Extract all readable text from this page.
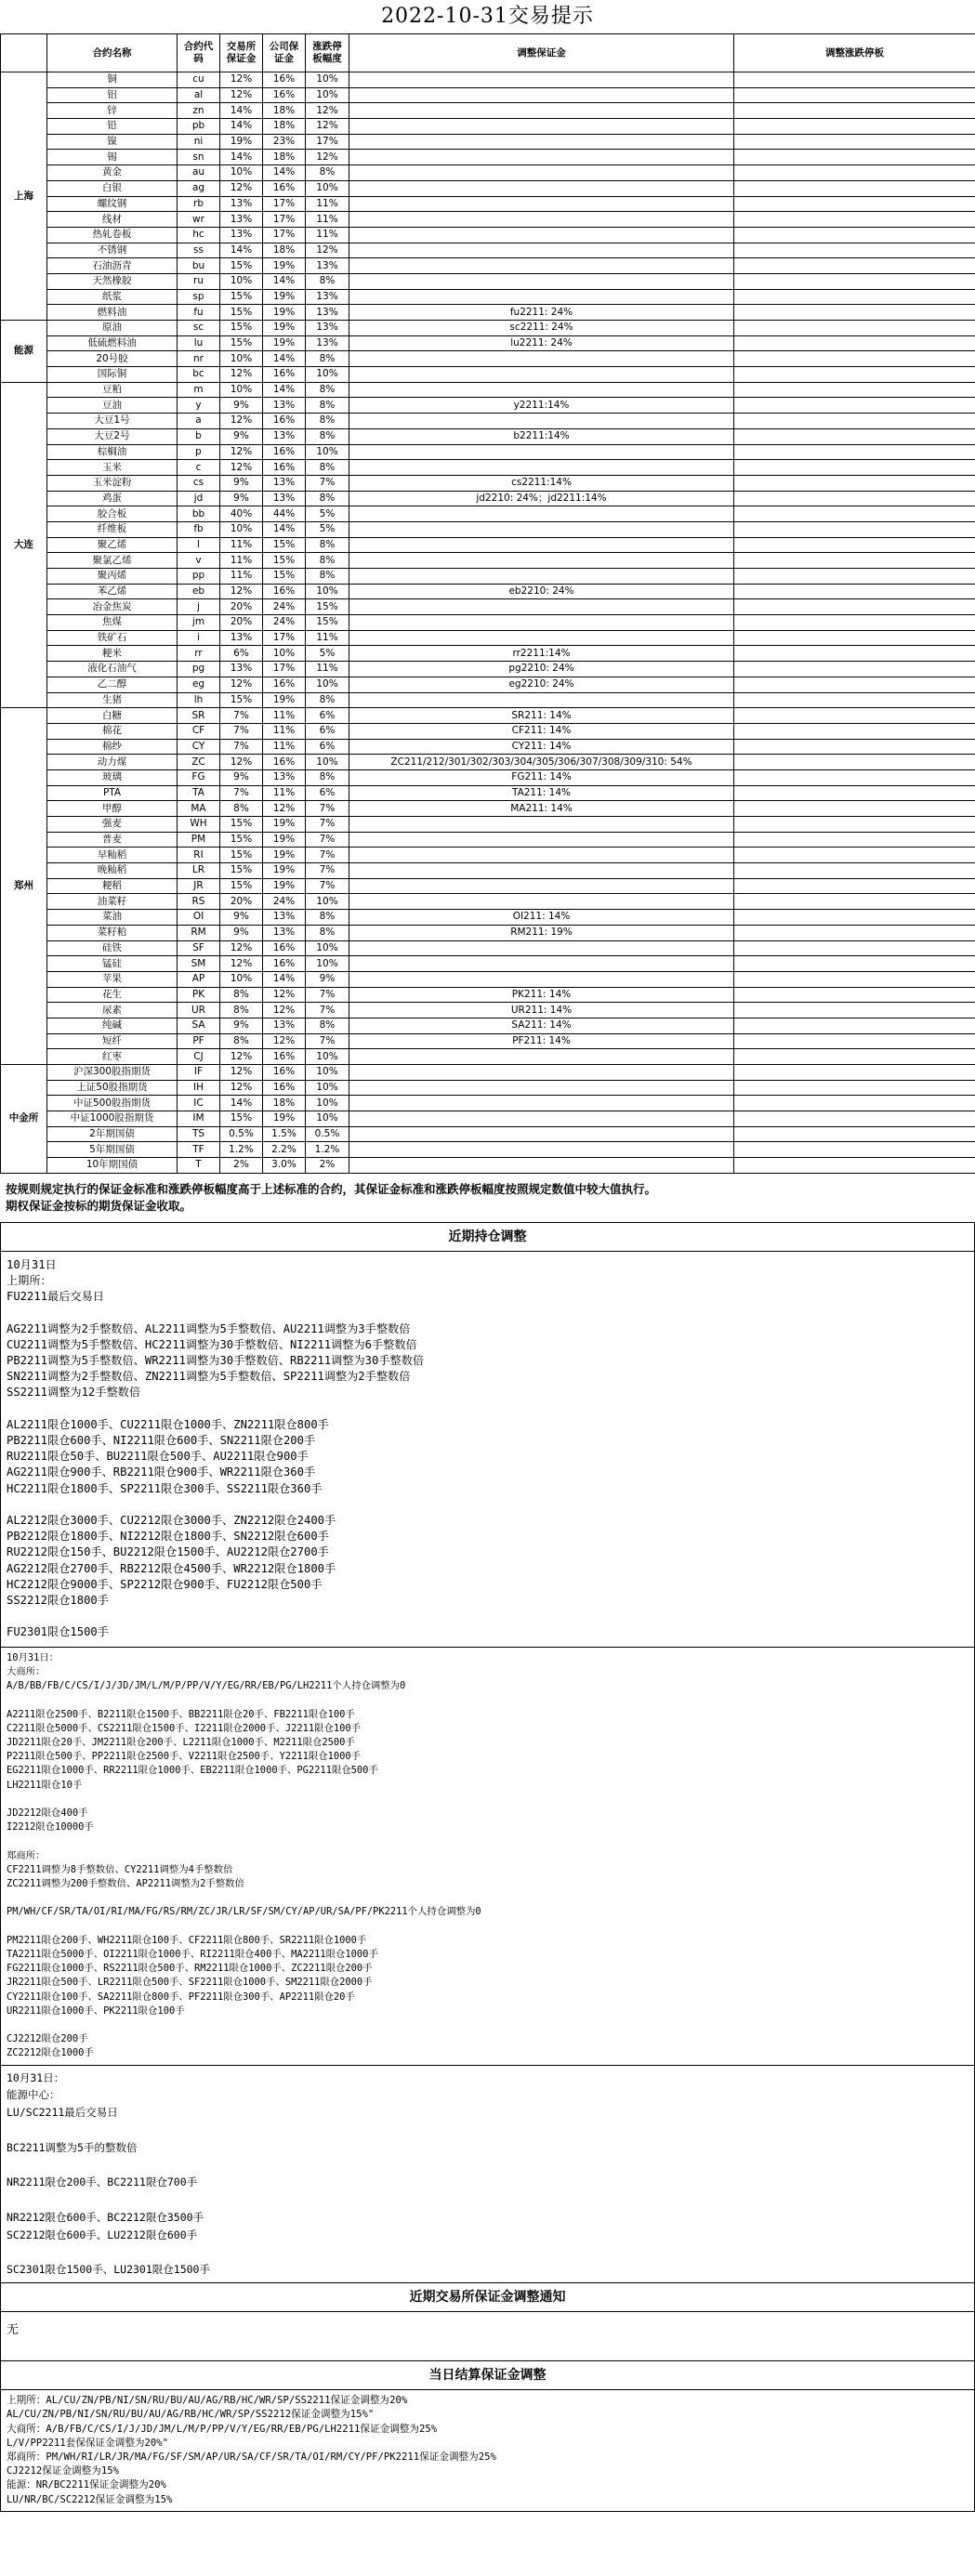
2022-10-31交易提示
	合约名称	合约代码	交易所保证金	公司保证金	涨跌停板幅度	调整保证金	调整涨跌停板
上海	铜	cu	12%	16%	10%		
	铝	al	12%	16%	10%		
	锌	zn	14%	18%	12%		
	铅	pb	14%	18%	12%		
	镍	ni	19%	23%	17%		
	锡	sn	14%	18%	12%		
	黄金	au	10%	14%	8%		
	白银	ag	12%	16%	10%		
	螺纹钢	rb	13%	17%	11%		
	线材	wr	13%	17%	11%		
	热轧卷板	hc	13%	17%	11%		
	不锈钢	ss	14%	18%	12%		
	石油沥青	bu	15%	19%	13%		
	天然橡胶	ru	10%	14%	8%		
	纸浆	sp	15%	19%	13%		
	燃料油	fu	15%	19%	13%	fu2211: 24%	
能源	原油	sc	15%	19%	13%	sc2211: 24%	
	低硫燃料油	lu	15%	19%	13%	lu2211: 24%	
	20号胶	nr	10%	14%	8%		
	国际铜	bc	12%	16%	10%		
大连	豆粕	m	10%	14%	8%		
	豆油	y	9%	13%	8%	y2211:14%	
	大豆1号	a	12%	16%	8%		
	大豆2号	b	9%	13%	8%	b2211:14%	
	棕榈油	p	12%	16%	10%		
	玉米	c	12%	16%	8%		
	玉米淀粉	cs	9%	13%	7%	cs2211:14%	
	鸡蛋	jd	9%	13%	8%	jd2210: 24%；jd2211:14%	
	胶合板	bb	40%	44%	5%		
	纤维板	fb	10%	14%	5%		
	聚乙烯	l	11%	15%	8%		
	聚氯乙烯	v	11%	15%	8%		
	聚丙烯	pp	11%	15%	8%		
	苯乙烯	eb	12%	16%	10%	eb2210: 24%	
	冶金焦炭	j	20%	24%	15%		
	焦煤	jm	20%	24%	15%		
	铁矿石	i	13%	17%	11%		
	粳米	rr	6%	10%	5%	rr2211:14%	
	液化石油气	pg	13%	17%	11%	pg2210: 24%	
	乙二醇	eg	12%	16%	10%	eg2210: 24%	
	生猪	lh	15%	19%	8%		
郑州	白糖	SR	7%	11%	6%	SR211: 14%	
	棉花	CF	7%	11%	6%	CF211: 14%	
	棉纱	CY	7%	11%	6%	CY211: 14%	
	动力煤	ZC	12%	16%	10%	ZC211/212/301/302/303/304/305/306/307/308/309/310: 54%	
	玻璃	FG	9%	13%	8%	FG211: 14%	
	PTA	TA	7%	11%	6%	TA211: 14%	
	甲醇	MA	8%	12%	7%	MA211: 14%	
	强麦	WH	15%	19%	7%		
	普麦	PM	15%	19%	7%		
	早籼稻	RI	15%	19%	7%		
	晚籼稻	LR	15%	19%	7%		
	粳稻	JR	15%	19%	7%		
	油菜籽	RS	20%	24%	10%		
	菜油	OI	9%	13%	8%	OI211: 14%	
	菜籽粕	RM	9%	13%	8%	RM211: 19%	
	硅铁	SF	12%	16%	10%		
	锰硅	SM	12%	16%	10%		
	苹果	AP	10%	14%	9%		
	花生	PK	8%	12%	7%	PK211: 14%	
	尿素	UR	8%	12%	7%	UR211: 14%	
	纯碱	SA	9%	13%	8%	SA211: 14%	
	短纤	PF	8%	12%	7%	PF211: 14%	
	红枣	CJ	12%	16%	10%		
中金所	沪深300股指期货	IF	12%	16%	10%		
	上证50股指期货	IH	12%	16%	10%		
	中证500股指期货	IC	14%	18%	10%		
	中证1000股指期货	IM	15%	19%	10%		
	2年期国债	TS	0.5%	1.5%	0.5%		
	5年期国债	TF	1.2%	2.2%	1.2%		
	10年期国债	T	2%	3.0%	2%		
按规则规定执行的保证金标准和涨跌停板幅度高于上述标准的合约，其保证金标准和涨跌停板幅度按照规定数值中较大值执行。
期权保证金按标的期货保证金收取。
近期持仓调整
10月31日
上期所：
FU2211最后交易日

AG2211调整为2手整数倍、AL2211调整为5手整数倍、AU2211调整为3手整数倍
CU2211调整为5手整数倍、HC2211调整为30手整数倍、NI2211调整为6手整数倍
PB2211调整为5手整数倍、WR2211调整为30手整数倍、RB2211调整为30手整数倍
SN2211调整为2手整数倍、ZN2211调整为5手整数倍、SP2211调整为2手整数倍
SS2211调整为12手整数倍

AL2211限仓1000手、CU2211限仓1000手、ZN2211限仓800手
PB2211限仓600手、NI2211限仓600手、SN2211限仓200手
RU2211限仓50手、BU2211限仓500手、AU2211限仓900手
AG2211限仓900手、RB2211限仓900手、WR2211限仓360手
HC2211限仓1800手、SP2211限仓300手、SS2211限仓360手

AL2212限仓3000手、CU2212限仓3000手、ZN2212限仓2400手
PB2212限仓1800手、NI2212限仓1800手、SN2212限仓600手
RU2212限仓150手、BU2212限仓1500手、AU2212限仓2700手
AG2212限仓2700手、RB2212限仓4500手、WR2212限仓1800手
HC2212限仓9000手、SP2212限仓900手、FU2212限仓500手
SS2212限仓1800手

FU2301限仓1500手
10月31日：
大商所：
A/B/BB/FB/C/CS/I/J/JD/JM/L/M/P/PP/V/Y/EG/RR/EB/PG/LH2211个人持仓调整为0

A2211限仓2500手、B2211限仓1500手、BB2211限仓20手、FB2211限仓100手
C2211限仓5000手、CS2211限仓1500手、I2211限仓2000手、J2211限仓100手
JD2211限仓20手、JM2211限仓200手、L2211限仓1000手、M2211限仓2500手
P2211限仓500手、PP2211限仓2500手、V2211限仓2500手、Y2211限仓1000手
EG2211限仓1000手、RR2211限仓1000手、EB2211限仓1000手、PG2211限仓500手
LH2211限仓10手

JD2212限仓400手
I2212限仓10000手

郑商所：
CF2211调整为8手整数倍、CY2211调整为4手整数倍
ZC2211调整为200手整数倍、AP2211调整为2手整数倍

PM/WH/CF/SR/TA/OI/RI/MA/FG/RS/RM/ZC/JR/LR/SF/SM/CY/AP/UR/SA/PF/PK2211个人持仓调整为0

PM2211限仓200手、WH2211限仓100手、CF2211限仓800手、SR2211限仓1000手
TA2211限仓5000手、OI2211限仓1000手、RI2211限仓400手、MA2211限仓1000手
FG2211限仓1000手、RS2211限仓500手、RM2211限仓1000手、ZC2211限仓200手
JR2211限仓500手、LR2211限仓500手、SF2211限仓1000手、SM2211限仓2000手
CY2211限仓100手、SA2211限仓800手、PF2211限仓300手、AP2211限仓20手
UR2211限仓1000手、PK2211限仓100手

CJ2212限仓200手
ZC2212限仓1000手
10月31日：
能源中心：
LU/SC2211最后交易日

BC2211调整为5手的整数倍

NR2211限仓200手、BC2211限仓700手

NR2212限仓600手、BC2212限仓3500手
SC2212限仓600手、LU2212限仓600手

SC2301限仓1500手、LU2301限仓1500手
近期交易所保证金调整通知
无
当日结算保证金调整
上期所：AL/CU/ZN/PB/NI/SN/RU/BU/AU/AG/RB/HC/WR/SP/SS2211保证金调整为20%
AL/CU/ZN/PB/NI/SN/RU/BU/AU/AG/RB/HC/WR/SP/SS2212保证金调整为15%"
大商所：A/B/FB/C/CS/I/J/JD/JM/L/M/P/PP/V/Y/EG/RR/EB/PG/LH2211保证金调整为25%
L/V/PP2211套保保证金调整为20%"
郑商所：PM/WH/RI/LR/JR/MA/FG/SF/SM/AP/UR/SA/CF/SR/TA/OI/RM/CY/PF/PK2211保证金调整为25%
CJ2212保证金调整为15%
能源：NR/BC2211保证金调整为20%
LU/NR/BC/SC2212保证金调整为15%
